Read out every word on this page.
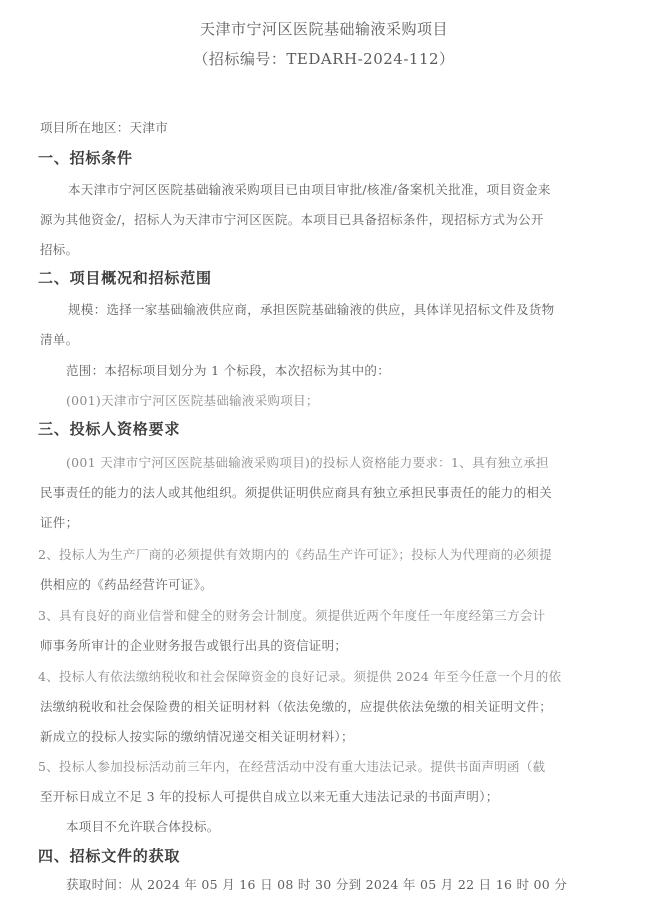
天津市宁河区医院基础输液采购项目
（招标编号：TEDARH-2024-112）
项目所在地区：天津市
一、招标条件
本天津市宁河区医院基础输液采购项目已由项目审批/核准/备案机关批准，项目资金来
源为其他资金/，招标人为天津市宁河区医院。本项目已具备招标条件，现招标方式为公开
招标。
二、项目概况和招标范围
规模：选择一家基础输液供应商，承担医院基础输液的供应，具体详见招标文件及货物
清单。
范围：本招标项目划分为 1 个标段，本次招标为其中的：
(001)天津市宁河区医院基础输液采购项目；
三、投标人资格要求
(001 天津市宁河区医院基础输液采购项目)的投标人资格能力要求：1、具有独立承担
民事责任的能力的法人或其他组织。须提供证明供应商具有独立承担民事责任的能力的相关
证件；
2、投标人为生产厂商的必须提供有效期内的《药品生产许可证》；投标人为代理商的必须提
供相应的《药品经营许可证》。
3、具有良好的商业信誉和健全的财务会计制度。须提供近两个年度任一年度经第三方会计
师事务所审计的企业财务报告或银行出具的资信证明；
4、投标人有依法缴纳税收和社会保障资金的良好记录。须提供 2024 年至今任意一个月的依
法缴纳税收和社会保险费的相关证明材料（依法免缴的，应提供依法免缴的相关证明文件；
新成立的投标人按实际的缴纳情况递交相关证明材料）；
5、投标人参加投标活动前三年内，在经营活动中没有重大违法记录。提供书面声明函（截
至开标日成立不足 3 年的投标人可提供自成立以来无重大违法记录的书面声明）；
本项目不允许联合体投标。
四、招标文件的获取
获取时间：从 2024 年 05 月 16 日 08 时 30 分到 2024 年 05 月 22 日 16 时 00 分
